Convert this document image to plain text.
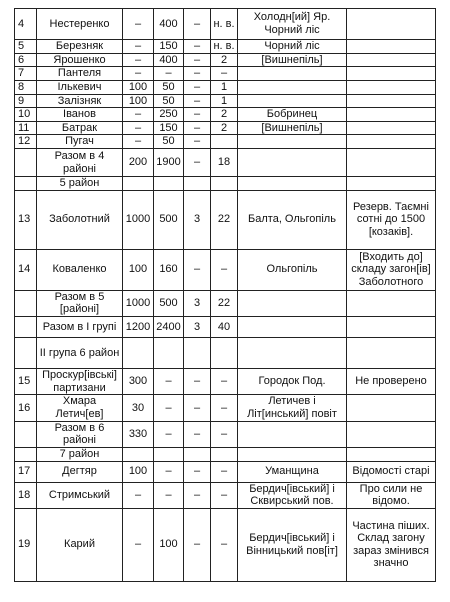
4	Нестеренко	–	400	–	н. в.	Холодн[ий] Яр. Чорний ліс	
5	Березняк	–	150	–	н. в.	Чорний ліс	
6	Ярошенко	–	400	–	2	[Вишнепіль]	
7	Пантеля	–	–	–	–		
8	Ількевич	100	50	–	1		
9	Залізняк	100	50	–	1		
10	Іванов	–	250	–	2	Бобринец	
11	Батрак	–	150	–	2	[Вишнепіль]	
12	Пугач	–	50	–			
	Разом в 4 районі	200	1900	–	18		
	5 район						
13	Заболотний	1000	500	3	22	Балта, Ольгопіль	Резерв. Таємні сотні до 1500 [козаків].
14	Коваленко	100	160	–	–	Ольгопіль	[Входить до] складу загон[ів] Заболотного
	Разом в 5 [районі]	1000	500	3	22		
	Разом в І групі	1200	2400	3	40		
	ІІ група 6 район						
15	Проскур[івські] партизани	300	–	–	–	Городок Под.	Не проверено
16	Хмара Летич[ев]	30	–	–	–	Летичев і Літ[инський] повіт	
	Разом в 6 районі	330	–	–	–		
	7 район						
17	Дегтяр	100	–	–	–	Уманщина	Відомості старі
18	Стримський	–	–	–	–	Бердич[івський] і Сквирський пов.	Про сили не відомо.
19	Карий	–	100	–	–	Бердич[івський] і Вінницький пов[іт]	Частина піших. Склад загону зараз змінився значно
